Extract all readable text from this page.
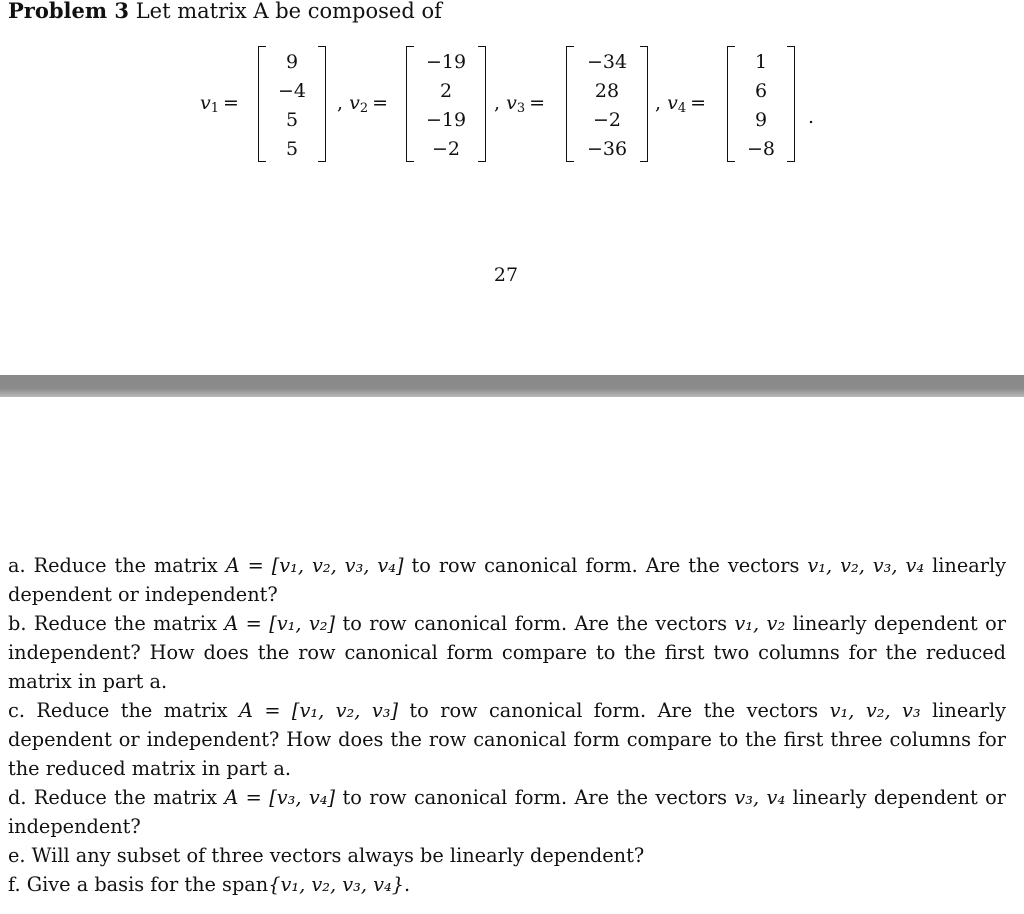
Problem 3 Let matrix A be composed of
$v_1$ =
9
−4
5
5
, $v_2$ =
−19
2
−19
−2
, $v_3$ =
−34
28
−2
−36
, $v_4$ =
1
6
9
−8
.
27

a. Reduce the matrix A = [v₁, v₂, v₃, v₄] to row canonical form. Are the vectors v₁, v₂, v₃, v₄ linearly dependent or independent?

b. Reduce the matrix A = [v₁, v₂] to row canonical form. Are the vectors v₁, v₂ linearly dependent or independent? How does the row canonical form compare to the first two columns for the reduced matrix in part a.

c. Reduce the matrix A = [v₁, v₂, v₃] to row canonical form. Are the vectors v₁, v₂, v₃ linearly dependent or independent? How does the row canonical form compare to the first three columns for the reduced matrix in part a.

d. Reduce the matrix A = [v₃, v₄] to row canonical form. Are the vectors v₃, v₄ linearly dependent or independent?

e. Will any subset of three vectors always be linearly dependent?

f. Give a basis for the span{v₁, v₂, v₃, v₄}.
